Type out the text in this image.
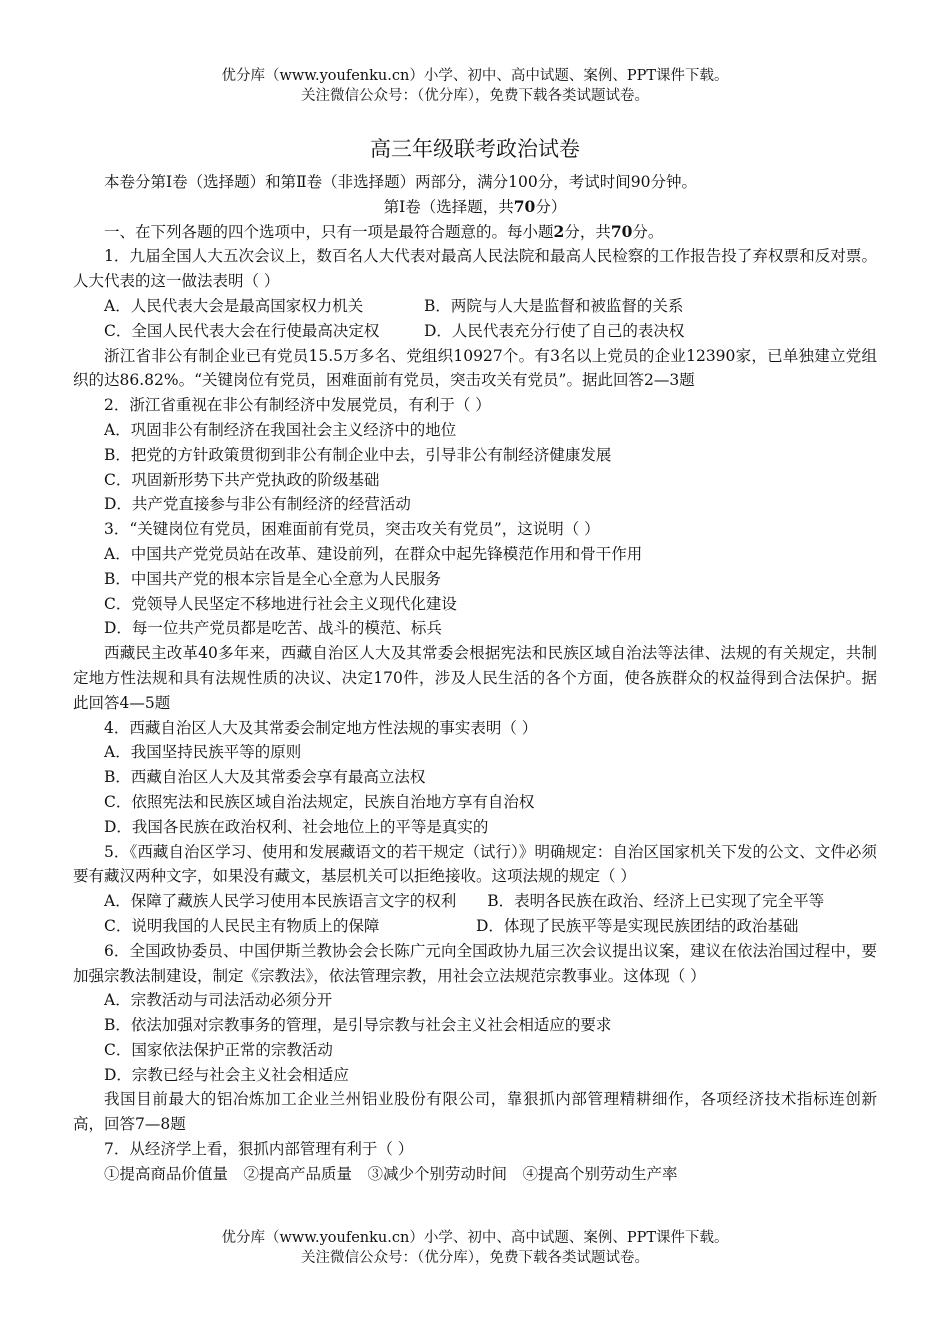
优分库（www.youfenku.cn）小学、初中、高中试题、案例、PPT课件下载。
关注微信公众号：（优分库），免费下载各类试题试卷。
高三年级联考政治试卷

本卷分第Ⅰ卷（选择题）和第Ⅱ卷（非选择题）两部分，满分100分，考试时间90分钟。

第Ⅰ卷（选择题，共70分）

一、在下列各题的四个选项中，只有一项是最符合题意的。每小题2分，共70分。

1．九届全国人大五次会议上，数百名人大代表对最高人民法院和最高人民检察的工作报告投了弃权票和反对票。人大代表的这一做法表明（ ）

A．人民代表大会是最高国家权力机关	B．两院与人大是监督和被监督的关系
C．全国人民代表大会在行使最高决定权	D．人民代表充分行使了自己的表决权

浙江省非公有制企业已有党员15.5万多名、党组织10927个。有3名以上党员的企业12390家，已单独建立党组织的达86.82%。“关键岗位有党员，困难面前有党员，突击攻关有党员”。据此回答2—3题

2．浙江省重视在非公有制经济中发展党员，有利于（ ）

A．巩固非公有制经济在我国社会主义经济中的地位

B．把党的方针政策贯彻到非公有制企业中去，引导非公有制经济健康发展

C．巩固新形势下共产党执政的阶级基础

D．共产党直接参与非公有制经济的经营活动

3．“关键岗位有党员，困难面前有党员，突击攻关有党员”，这说明（ ）

A．中国共产党党员站在改革、建设前列，在群众中起先锋模范作用和骨干作用

B．中国共产党的根本宗旨是全心全意为人民服务

C．党领导人民坚定不移地进行社会主义现代化建设

D．每一位共产党员都是吃苦、战斗的模范、标兵

西藏民主改革40多年来，西藏自治区人大及其常委会根据宪法和民族区域自治法等法律、法规的有关规定，共制定地方性法规和具有法规性质的决议、决定170件，涉及人民生活的各个方面，使各族群众的权益得到合法保护。据此回答4—5题

4．西藏自治区人大及其常委会制定地方性法规的事实表明（ ）

A．我国坚持民族平等的原则

B．西藏自治区人大及其常委会享有最高立法权

C．依照宪法和民族区域自治法规定，民族自治地方享有自治权

D．我国各民族在政治权利、社会地位上的平等是真实的

5．《西藏自治区学习、使用和发展藏语文的若干规定（试行）》明确规定：自治区国家机关下发的公文、文件必须要有藏汉两种文字，如果没有藏文，基层机关可以拒绝接收。这项法规的规定（ ）

A．保障了藏族人民学习使用本民族语言文字的权利　　B．表明各民族在政治、经济上已实现了完全平等

C．说明我国的人民民主有物质上的保障	D．体现了民族平等是实现民族团结的政治基础

6．全国政协委员、中国伊斯兰教协会会长陈广元向全国政协九届三次会议提出议案，建议在依法治国过程中，要加强宗教法制建设，制定《宗教法》，依法管理宗教，用社会立法规范宗教事业。这体现（ ）

A．宗教活动与司法活动必须分开

B．依法加强对宗教事务的管理，是引导宗教与社会主义社会相适应的要求

C．国家依法保护正常的宗教活动

D．宗教已经与社会主义社会相适应

我国目前最大的铝冶炼加工企业兰州铝业股份有限公司，靠狠抓内部管理精耕细作，各项经济技术指标连创新高，回答7—8题

7．从经济学上看，狠抓内部管理有利于（ ）

①提高商品价值量　②提高产品质量　③减少个别劳动时间　④提高个别劳动生产率

优分库（www.youfenku.cn）小学、初中、高中试题、案例、PPT课件下载。
关注微信公众号：（优分库），免费下载各类试题试卷。
